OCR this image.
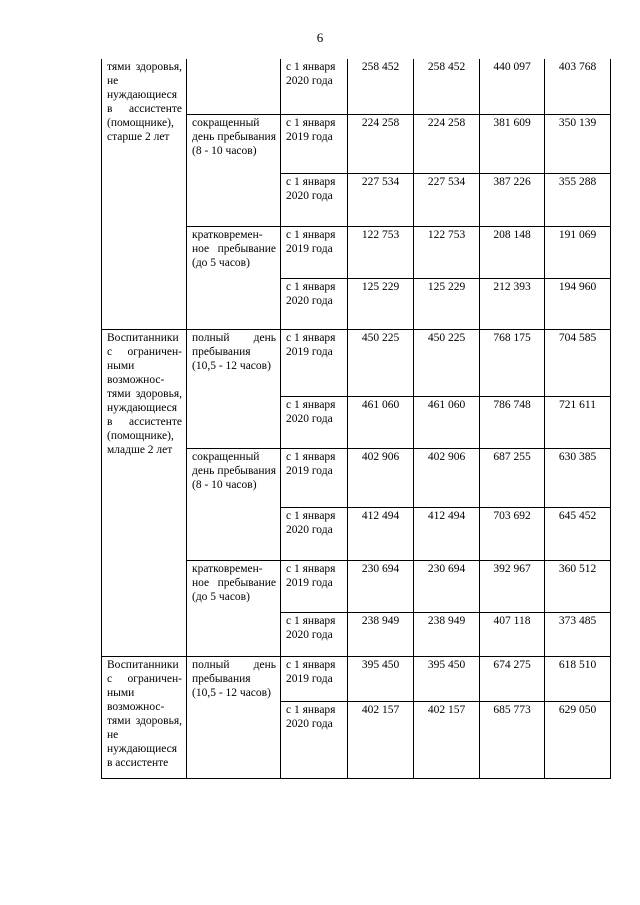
6
тями здоровья, не нуждающиеся в ассистенте (помощнике), старше 2 лет		с 1 января 2020 года	258 452	258 452	440 097	403 768
	сокращенный день пребывания (8 - 10 часов)	с 1 января 2019 года	224 258	224 258	381 609	350 139
		с 1 января 2020 года	227 534	227 534	387 226	355 288
	кратковремен-ное пребывание (до 5 часов)	с 1 января 2019 года	122 753	122 753	208 148	191 069
		с 1 января 2020 года	125 229	125 229	212 393	194 960
Воспитанники с ограничен-ными возможнос-тями здоровья, нуждающиеся в ассистенте (помощнике), младше 2 лет	полный день пребывания (10,5 - 12 часов)	с 1 января 2019 года	450 225	450 225	768 175	704 585
		с 1 января 2020 года	461 060	461 060	786 748	721 611
	сокращенный день пребывания (8 - 10 часов)	с 1 января 2019 года	402 906	402 906	687 255	630 385
		с 1 января 2020 года	412 494	412 494	703 692	645 452
	кратковремен-ное пребывание (до 5 часов)	с 1 января 2019 года	230 694	230 694	392 967	360 512
		с 1 января 2020 года	238 949	238 949	407 118	373 485
Воспитанники с ограничен-ными возможнос-тями здоровья, не нуждающиеся в ассистенте	полный день пребывания (10,5 - 12 часов)	с 1 января 2019 года	395 450	395 450	674 275	618 510
		с 1 января 2020 года	402 157	402 157	685 773	629 050
